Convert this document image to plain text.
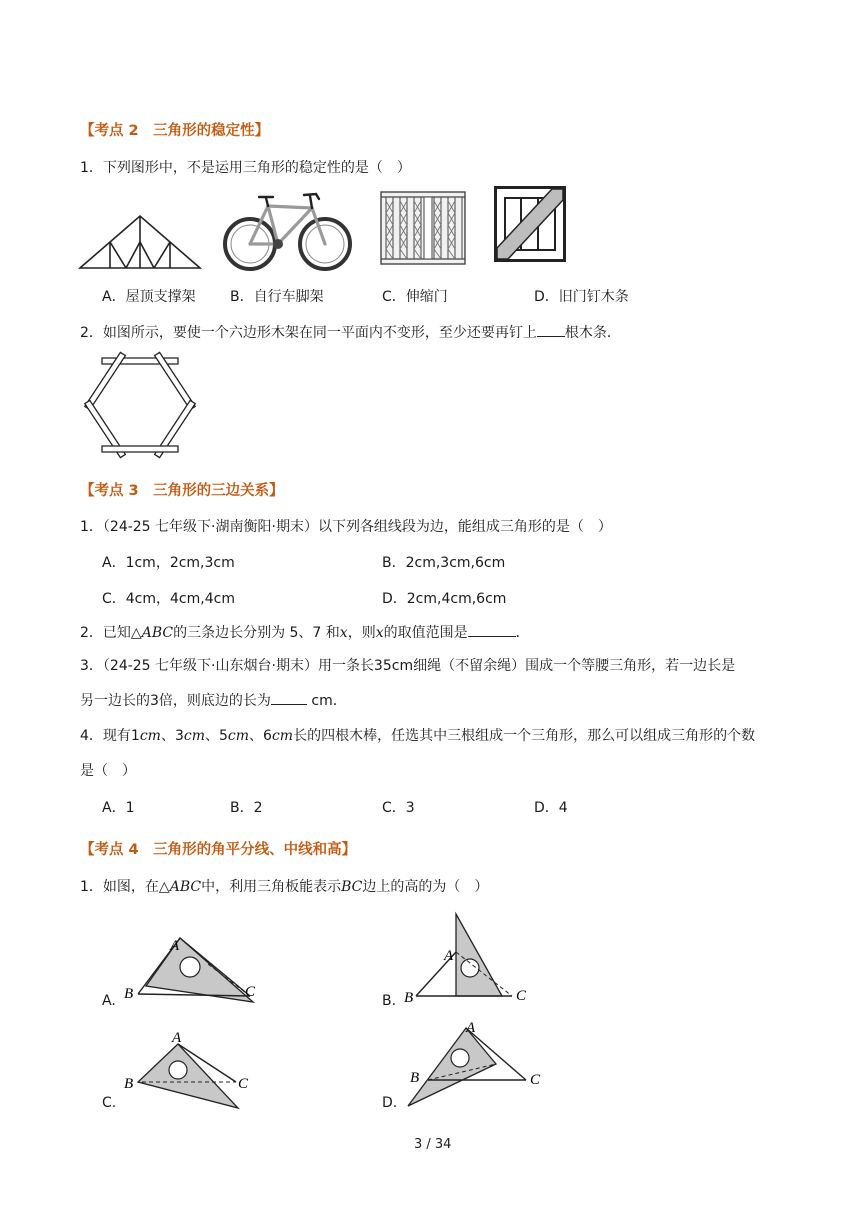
【考点 2　三角形的稳定性】
1．下列图形中，不是运用三角形的稳定性的是（　）
A．屋顶支撑架 B．自行车脚架	C．伸缩门	D．旧门钉木条
2．如图所示，要使一个六边形木架在同一平面内不变形，至少还要再钉上 根木条．
【考点 3　三角形的三边关系】
1．（24-25 七年级下·湖南衡阳·期末）以下列各组线段为边，能组成三角形的是（　）
A．1cm，2cm,3cm	B．2cm,3cm,6cm
C．4cm，4cm,4cm	D．2cm,4cm,6cm
2．已知△ABC的三条边长分别为 5、7 和x，则x的取值范围是	．
3．（24-25 七年级下·山东烟台·期末）用一条长35cm细绳（不留余绳）围成一个等腰三角形，若一边长是
另一边长的3倍，则底边的长为	cm．
4．现有1cm、3cm、5cm、6cm长的四根木棒，任选其中三根组成一个三角形，那么可以组成三角形的个数
是（　）
A．1	B．2	C．3	D．4
【考点 4　三角形的角平分线、中线和高】
1．如图，在△ABC中，利用三角板能表示BC边上的高的为（　）
A.
A
B	C
B.
A
B	C
C.
A
B	C
D.
A
B	C
3 / 34
